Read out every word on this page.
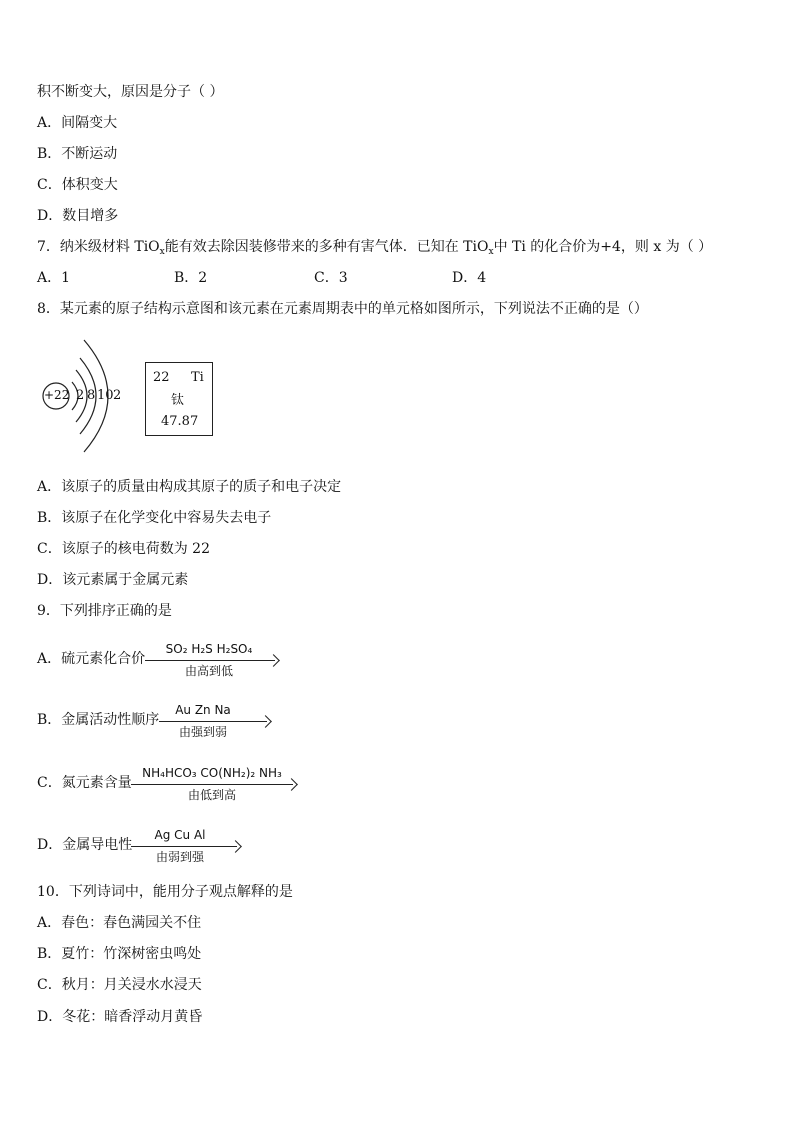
积不断变大，原因是分子（ ）
A．间隔变大
B．不断运动
C．体积变大
D．数目增多
7．纳米级材料 TiO$_x$能有效去除因装修带来的多种有害气体．已知在 TiO$_x$中 Ti 的化合价为+4，则 x 为（ ）
A．1	B．2	C．3	D．4
8．某元素的原子结构示意图和该元素在元素周期表中的单元格如图所示，下列说法不正确的是（）
+22 2 8 10 2
22 Ti
钛
47.87
A．该原子的质量由构成其原子的质子和电子决定
B．该原子在化学变化中容易失去电子
C．该原子的核电荷数为 22
D．该元素属于金属元素
9．下列排序正确的是
A．硫元素化合价
SO₂ H₂S H₂SO₄
由高到低
B．金属活动性顺序
Au Zn Na
由强到弱
C．氮元素含量
NH₄HCO₃ CO(NH₂)₂ NH₃
由低到高
D．金属导电性
Ag Cu Al
由弱到强
10．下列诗词中，能用分子观点解释的是
A．春色：春色满园关不住
B．夏竹：竹深树密虫鸣处
C．秋月：月关浸水水浸天
D．冬花：暗香浮动月黄昏
